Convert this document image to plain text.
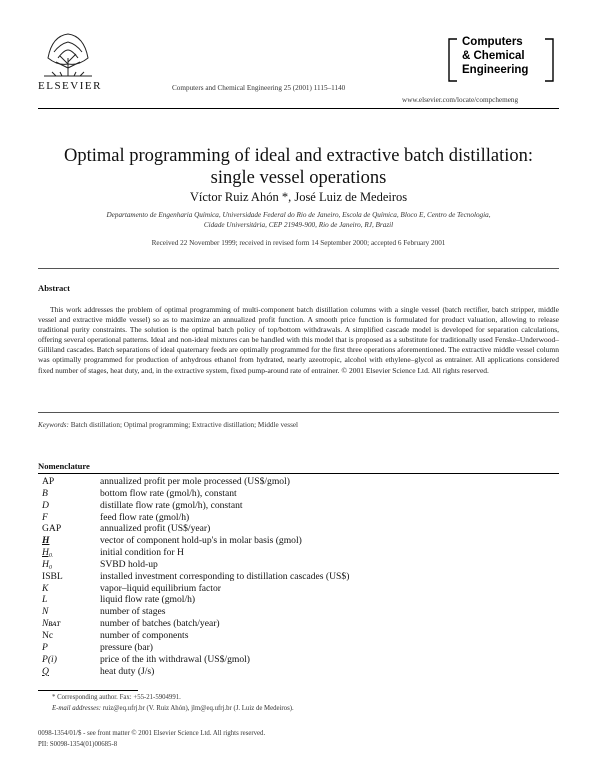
ELSEVIER	Computers and Chemical Engineering 25 (2001) 1115–1140
Computers
& Chemical
Engineering
www.elsevier.com/locate/compchemeng
Optimal programming of ideal and extractive batch distillation:
single vessel operations
Víctor Ruiz Ahón *, José Luiz de Medeiros
Departamento de Engenharia Química, Universidade Federal do Rio de Janeiro, Escola de Química, Bloco E, Centro de Tecnologia,
Cidade Universitária, CEP 21949-900, Rio de Janeiro, RJ, Brazil
Received 22 November 1999; received in revised form 14 September 2000; accepted 6 February 2001
Abstract
This work addresses the problem of optimal programming of multi-component batch distillation columns with a single vessel (batch rectifier, batch stripper, middle vessel and extractive middle vessel) so as to maximize an annualized profit function. A smooth price function is formulated for product valuation, allowing to release traditional purity constraints. The solution is the optimal batch policy of top/bottom withdrawals. A simplified cascade model is developed for separation calculations, offering several operational patterns. Ideal and non-ideal mixtures can be handled with this model that is proposed as a substitute for traditionally used Fenske–Underwood–Gilliland cascades. Batch separations of ideal quaternary feeds are optimally programmed for the first three operations aforementioned. The extractive middle vessel column was optimally programmed for production of anhydrous ethanol from hydrated, nearly azeotropic, alcohol with ethylene–glycol as entrainer. All applications considered fixed number of stages, heat duty, and, in the extractive system, fixed pump-around rate of entrainer. © 2001 Elsevier Science Ltd. All rights reserved.
Keywords: Batch distillation; Optimal programming; Extractive distillation; Middle vessel
Nomenclature
AP	annualized profit per mole processed (US$/gmol)
B	bottom flow rate (gmol/h), constant
D	distillate flow rate (gmol/h), constant
F	feed flow rate (gmol/h)
GAP	annualized profit (US$/year)
H	vector of component hold-up's in molar basis (gmol)
H₀	initial condition for H
H₀	SVBD hold-up
ISBL	installed investment corresponding to distillation cascades (US$)
K	vapor–liquid equilibrium factor
L	liquid flow rate (gmol/h)
N	number of stages
Nʙᴀᴛ	number of batches (batch/year)
Nc	number of components
P	pressure (bar)
P(i)	price of the ith withdrawal (US$/gmol)
Q	heat duty (J/s)
* Corresponding author. Fax: +55-21-5904991.
E-mail addresses: ruiz@eq.ufrj.br (V. Ruiz Ahón), jlm@eq.ufrj.br (J. Luiz de Medeiros).
0098-1354/01/$ - see front matter © 2001 Elsevier Science Ltd. All rights reserved.
PII: S0098-1354(01)00685-8
